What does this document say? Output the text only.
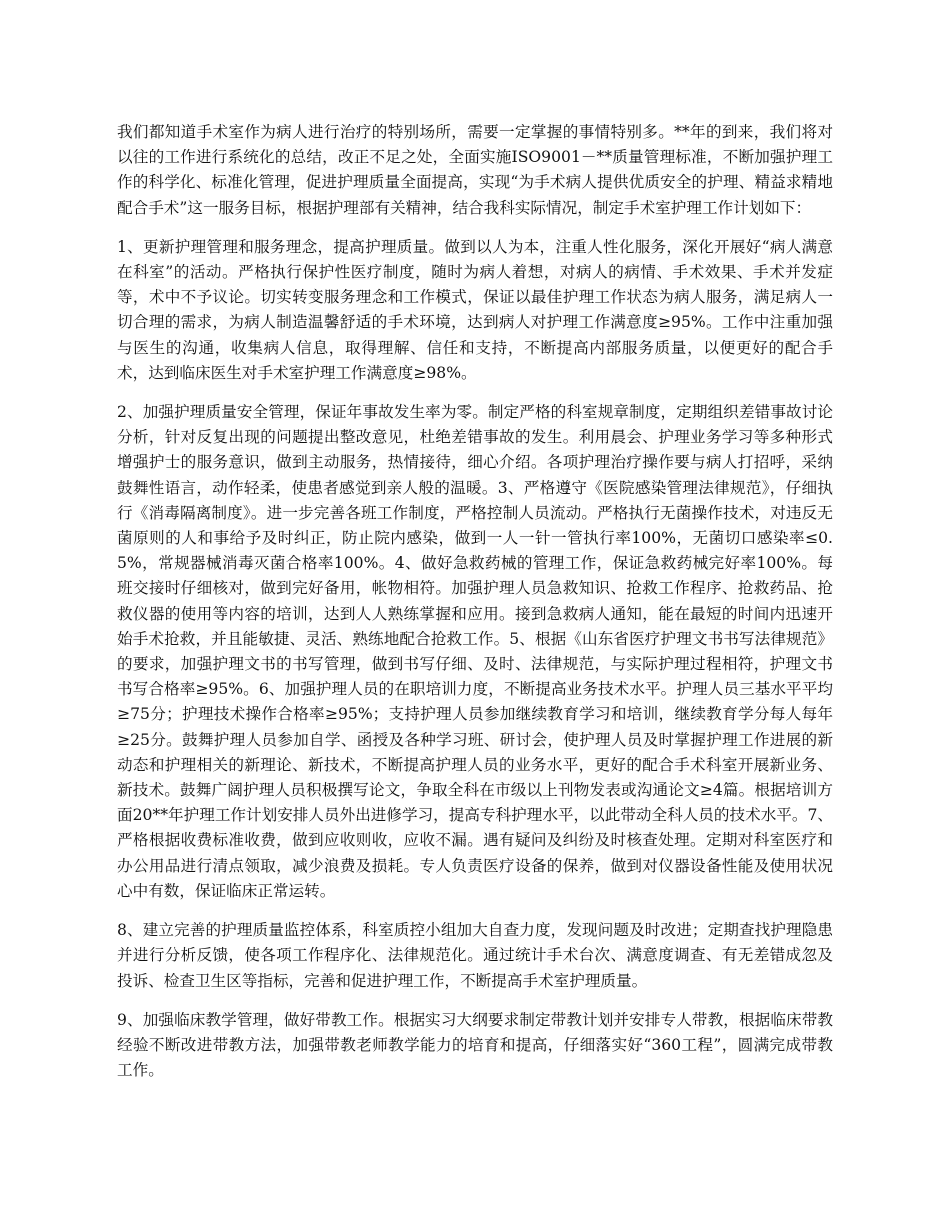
我们都知道手术室作为病人进行治疗的特别场所，需要一定掌握的事情特别多。**年的到来，我们将对以往的工作进行系统化的总结，改正不足之处，全面实施ISO9001－**质量管理标准，不断加强护理工作的科学化、标准化管理，促进护理质量全面提高，实现“为手术病人提供优质安全的护理、精益求精地配合手术”这一服务目标，根据护理部有关精神，结合我科实际情况，制定手术室护理工作计划如下：

1、更新护理管理和服务理念，提高护理质量。做到以人为本，注重人性化服务，深化开展好“病人满意在科室”的活动。严格执行保护性医疗制度，随时为病人着想，对病人的病情、手术效果、手术并发症等，术中不予议论。切实转变服务理念和工作模式，保证以最佳护理工作状态为病人服务，满足病人一切合理的需求，为病人制造温馨舒适的手术环境，达到病人对护理工作满意度≥95%。工作中注重加强与医生的沟通，收集病人信息，取得理解、信任和支持，不断提高内部服务质量，以便更好的配合手术，达到临床医生对手术室护理工作满意度≥98%。

2、加强护理质量安全管理，保证年事故发生率为零。制定严格的科室规章制度，定期组织差错事故讨论分析，针对反复出现的问题提出整改意见，杜绝差错事故的发生。利用晨会、护理业务学习等多种形式增强护士的服务意识，做到主动服务，热情接待，细心介绍。各项护理治疗操作要与病人打招呼，采纳鼓舞性语言，动作轻柔，使患者感觉到亲人般的温暖。3、严格遵守《医院感染管理法律规范》，仔细执行《消毒隔离制度》。进一步完善各班工作制度，严格控制人员流动。严格执行无菌操作技术，对违反无菌原则的人和事给予及时纠正，防止院内感染，做到一人一针一管执行率100%，无菌切口感染率≤0.5%，常规器械消毒灭菌合格率100%。4、做好急救药械的管理工作，保证急救药械完好率100%。每班交接时仔细核对，做到完好备用，帐物相符。加强护理人员急救知识、抢救工作程序、抢救药品、抢救仪器的使用等内容的培训，达到人人熟练掌握和应用。接到急救病人通知，能在最短的时间内迅速开始手术抢救，并且能敏捷、灵活、熟练地配合抢救工作。5、根据《山东省医疗护理文书书写法律规范》的要求，加强护理文书的书写管理，做到书写仔细、及时、法律规范，与实际护理过程相符，护理文书书写合格率≥95%。6、加强护理人员的在职培训力度，不断提高业务技术水平。护理人员三基水平平均≥75分；护理技术操作合格率≥95%；支持护理人员参加继续教育学习和培训，继续教育学分每人每年≥25分。鼓舞护理人员参加自学、函授及各种学习班、研讨会，使护理人员及时掌握护理工作进展的新动态和护理相关的新理论、新技术，不断提高护理人员的业务水平，更好的配合手术科室开展新业务、新技术。鼓舞广阔护理人员积极撰写论文，争取全科在市级以上刊物发表或沟通论文≥4篇。根据培训方面20**年护理工作计划安排人员外出进修学习，提高专科护理水平，以此带动全科人员的技术水平。7、严格根据收费标准收费，做到应收则收，应收不漏。遇有疑问及纠纷及时核查处理。定期对科室医疗和办公用品进行清点领取，减少浪费及损耗。专人负责医疗设备的保养，做到对仪器设备性能及使用状况心中有数，保证临床正常运转。

8、建立完善的护理质量监控体系，科室质控小组加大自查力度，发现问题及时改进；定期查找护理隐患并进行分析反馈，使各项工作程序化、法律规范化。通过统计手术台次、满意度调查、有无差错成忽及投诉、检查卫生区等指标，完善和促进护理工作，不断提高手术室护理质量。

9、加强临床教学管理，做好带教工作。根据实习大纲要求制定带教计划并安排专人带教，根据临床带教经验不断改进带教方法，加强带教老师教学能力的培育和提高，仔细落实好“360工程”，圆满完成带教工作。
